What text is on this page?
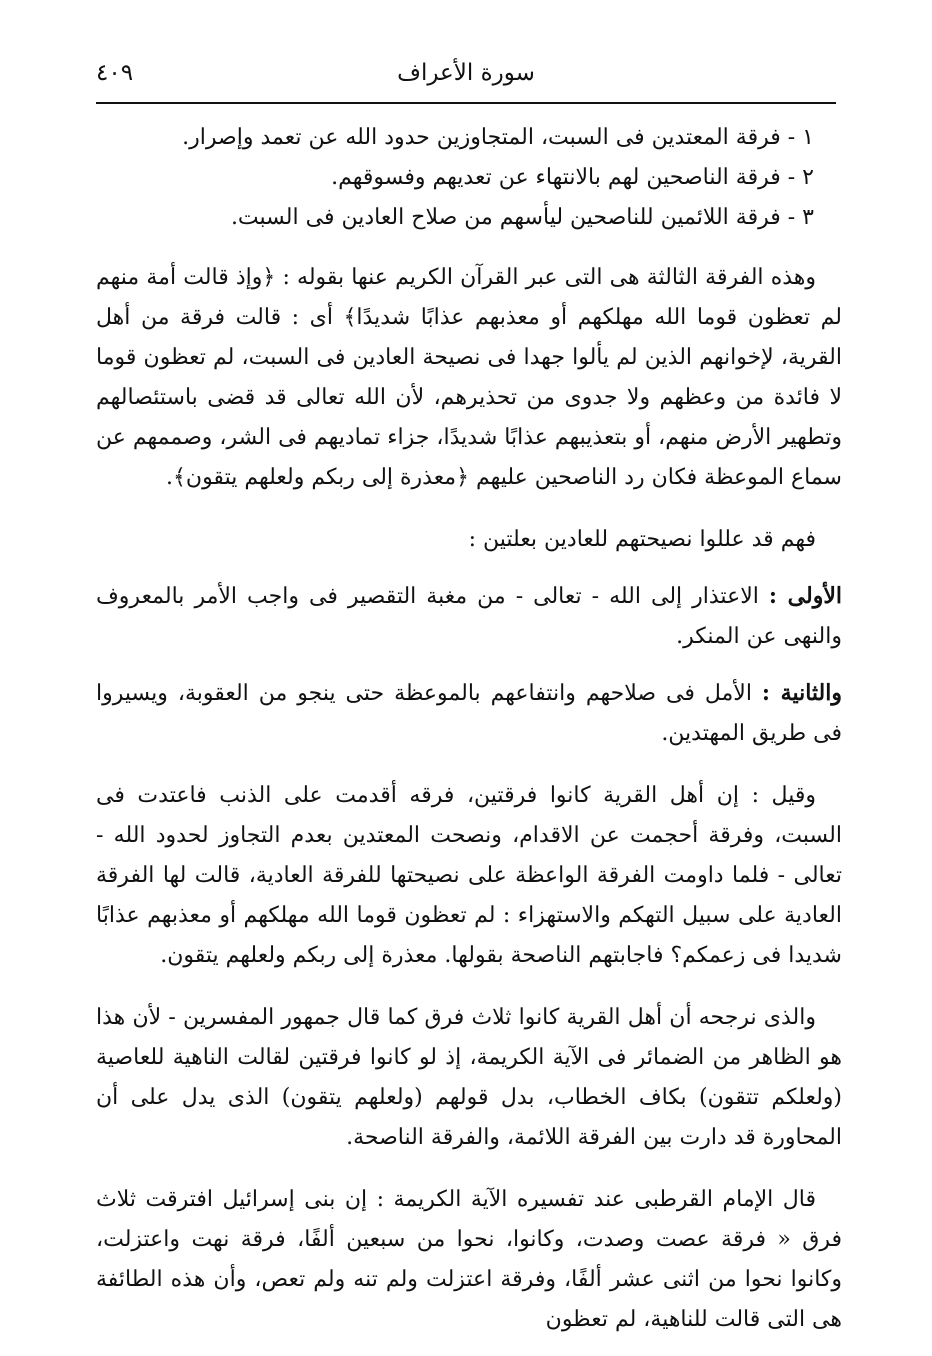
سورة الأعراف
٤٠٩
١ - فرقة المعتدين فى السبت، المتجاوزين حدود الله عن تعمد وإصرار.
٢ - فرقة الناصحين لهم بالانتهاء عن تعديهم وفسوقهم.
٣ - فرقة اللائمين للناصحين ليأسهم من صلاح العادين فى السبت.

وهذه الفرقة الثالثة هى التى عبر القرآن الكريم عنها بقوله : ﴿وإذ قالت أمة منهم لم تعظون قوما الله مهلكهم أو معذبهم عذابًا شديدًا﴾ أى : قالت فرقة من أهل القرية، لإخوانهم الذين لم يألوا جهدا فى نصيحة العادين فى السبت، لم تعظون قوما لا فائدة من وعظهم ولا جدوى من تحذيرهم، لأن الله تعالى قد قضى باستئصالهم وتطهير الأرض منهم، أو بتعذيبهم عذابًا شديدًا، جزاء تماديهم فى الشر، وصممهم عن سماع الموعظة فكان رد الناصحين عليهم ﴿معذرة إلى ربكم ولعلهم يتقون﴾.

فهم قد عللوا نصيحتهم للعادين بعلتين :

الأولى : الاعتذار إلى الله - تعالى - من مغبة التقصير فى واجب الأمر بالمعروف والنهى عن المنكر.

والثانية : الأمل فى صلاحهم وانتفاعهم بالموعظة حتى ينجو من العقوبة، ويسيروا فى طريق المهتدين.

وقيل : إن أهل القرية كانوا فرقتين، فرقه أقدمت على الذنب فاعتدت فى السبت، وفرقة أحجمت عن الاقدام، ونصحت المعتدين بعدم التجاوز لحدود الله - تعالى - فلما داومت الفرقة الواعظة على نصيحتها للفرقة العادية، قالت لها الفرقة العادية على سبيل التهكم والاستهزاء : لم تعظون قوما الله مهلكهم أو معذبهم عذابًا شديدا فى زعمكم؟ فاجابتهم الناصحة بقولها. معذرة إلى ربكم ولعلهم يتقون.

والذى نرجحه أن أهل القرية كانوا ثلاث فرق كما قال جمهور المفسرين - لأن هذا هو الظاهر من الضمائر فى الآية الكريمة، إذ لو كانوا فرقتين لقالت الناهية للعاصية (ولعلكم تتقون) بكاف الخطاب، بدل قولهم (ولعلهم يتقون) الذى يدل على أن المحاورة قد دارت بين الفرقة اللائمة، والفرقة الناصحة.

قال الإمام القرطبى عند تفسيره الآية الكريمة : إن بنى إسرائيل افترقت ثلاث فرق « فرقة عصت وصدت، وكانوا، نحوا من سبعين ألفًا، فرقة نهت واعتزلت، وكانوا نحوا من اثنى عشر ألفًا، وفرقة اعتزلت ولم تنه ولم تعص، وأن هذه الطائفة هى التى قالت للناهية، لم تعظون
